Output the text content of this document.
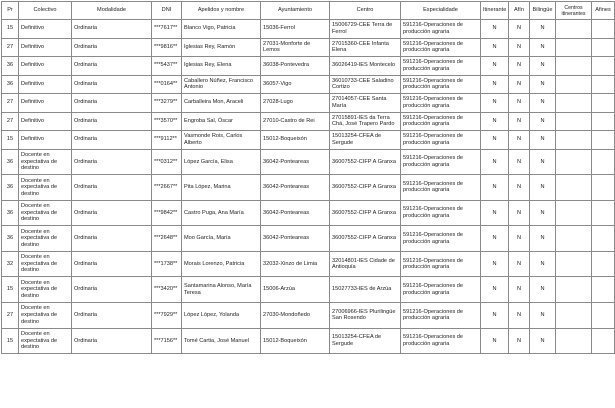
Pr	Colectivo	Modalidade	DNI	Apelidos y nombre	Ayuntamiento	Centro	Especialidade	Itinerante	Afín	Bilingüe	Centros itinerantes	Afines
15	Definitivo	Ordinaria	***7617**	Blanco Vigo, Patricia	15036-Ferrol	15006729-CEE Terra de Ferrol	591216-Operaciones de producción agraria	N	N	N		
27	Definitivo	Ordinaria	***9816**	Iglesias Rey, Ramón	27031-Monforte de Lemos	27015360-CEE Infanta Elena	591216-Operaciones de producción agraria	N	N	N		
36	Definitivo	Ordinaria	***5437**	Iglesias Rey, Elena	36038-Pontevedra	36026419-IES Montecelo	591216-Operaciones de producción agraria	N	N	N		
36	Definitivo	Ordinaria	***0164**	Caballero Núñez, Francisco Antonio	36057-Vigo	36010733-CEE Saladino Cortizo	591216-Operaciones de producción agraria	N	N	N		
27	Definitivo	Ordinaria	***3279**	Carballeira Mon, Araceli	27028-Lugo	27014057-CEE Santa María	591216-Operaciones de producción agraria	N	N	N		
27	Definitivo	Ordinaria	***3570**	Engroba Sal, Óscar	27010-Castro de Rei	27015891-IES da Terra Chá, José Trapero Pardo	591216-Operaciones de producción agraria	N	N	N		
15	Definitivo	Ordinaria	***9112**	Vasmonde Rois, Carlos Alberto	15012-Boqueixón	15013254-CFEA de Sergude	591216-Operaciones de producción agraria	N	N	N		
36	Docente en expectativa de destino	Ordinaria	***0312**	López García, Elisa	36042-Ponteareas	36007552-CIFP A Granxa	591216-Operaciones de producción agraria	N	N	N		
36	Docente en expectativa de destino	Ordinaria	***2667**	Pita López, Marina	36042-Ponteareas	36007552-CIFP A Granxa	591216-Operaciones de producción agraria	N	N	N		
36	Docente en expectativa de destino	Ordinaria	***9842**	Castro Puga, Ana María	36042-Ponteareas	36007552-CIFP A Granxa	591216-Operaciones de producción agraria	N	N	N		
36	Docente en expectativa de destino	Ordinaria	***2648**	Moo García, María	36042-Ponteareas	36007552-CIFP A Granxa	591216-Operaciones de producción agraria	N	N	N		
32	Docente en expectativa de destino	Ordinaria	***1738**	Morais Lorenzo, Patricia	32032-Xinzo de Limia	32014801-IES Cidade de Antioquía	591216-Operaciones de producción agraria	N	N	N		
15	Docente en expectativa de destino	Ordinaria	***3420**	Santamarina Alonso, María Teresa	15006-Arzúa	15027733-IES de Arzúa	591216-Operaciones de producción agraria	N	N	N		
27	Docente en expectativa de destino	Ordinaria	***7929**	López López, Yolanda	27030-Mondoñedo	27006966-IES Plurilingüe San Rosendo	591216-Operaciones de producción agraria	N	N	N		
15	Docente en expectativa de destino	Ordinaria	***7156**	Tomé Cartia, José Manuel	15012-Boqueixón	15013254-CFEA de Sergude	591216-Operaciones de producción agraria	N	N	N		
